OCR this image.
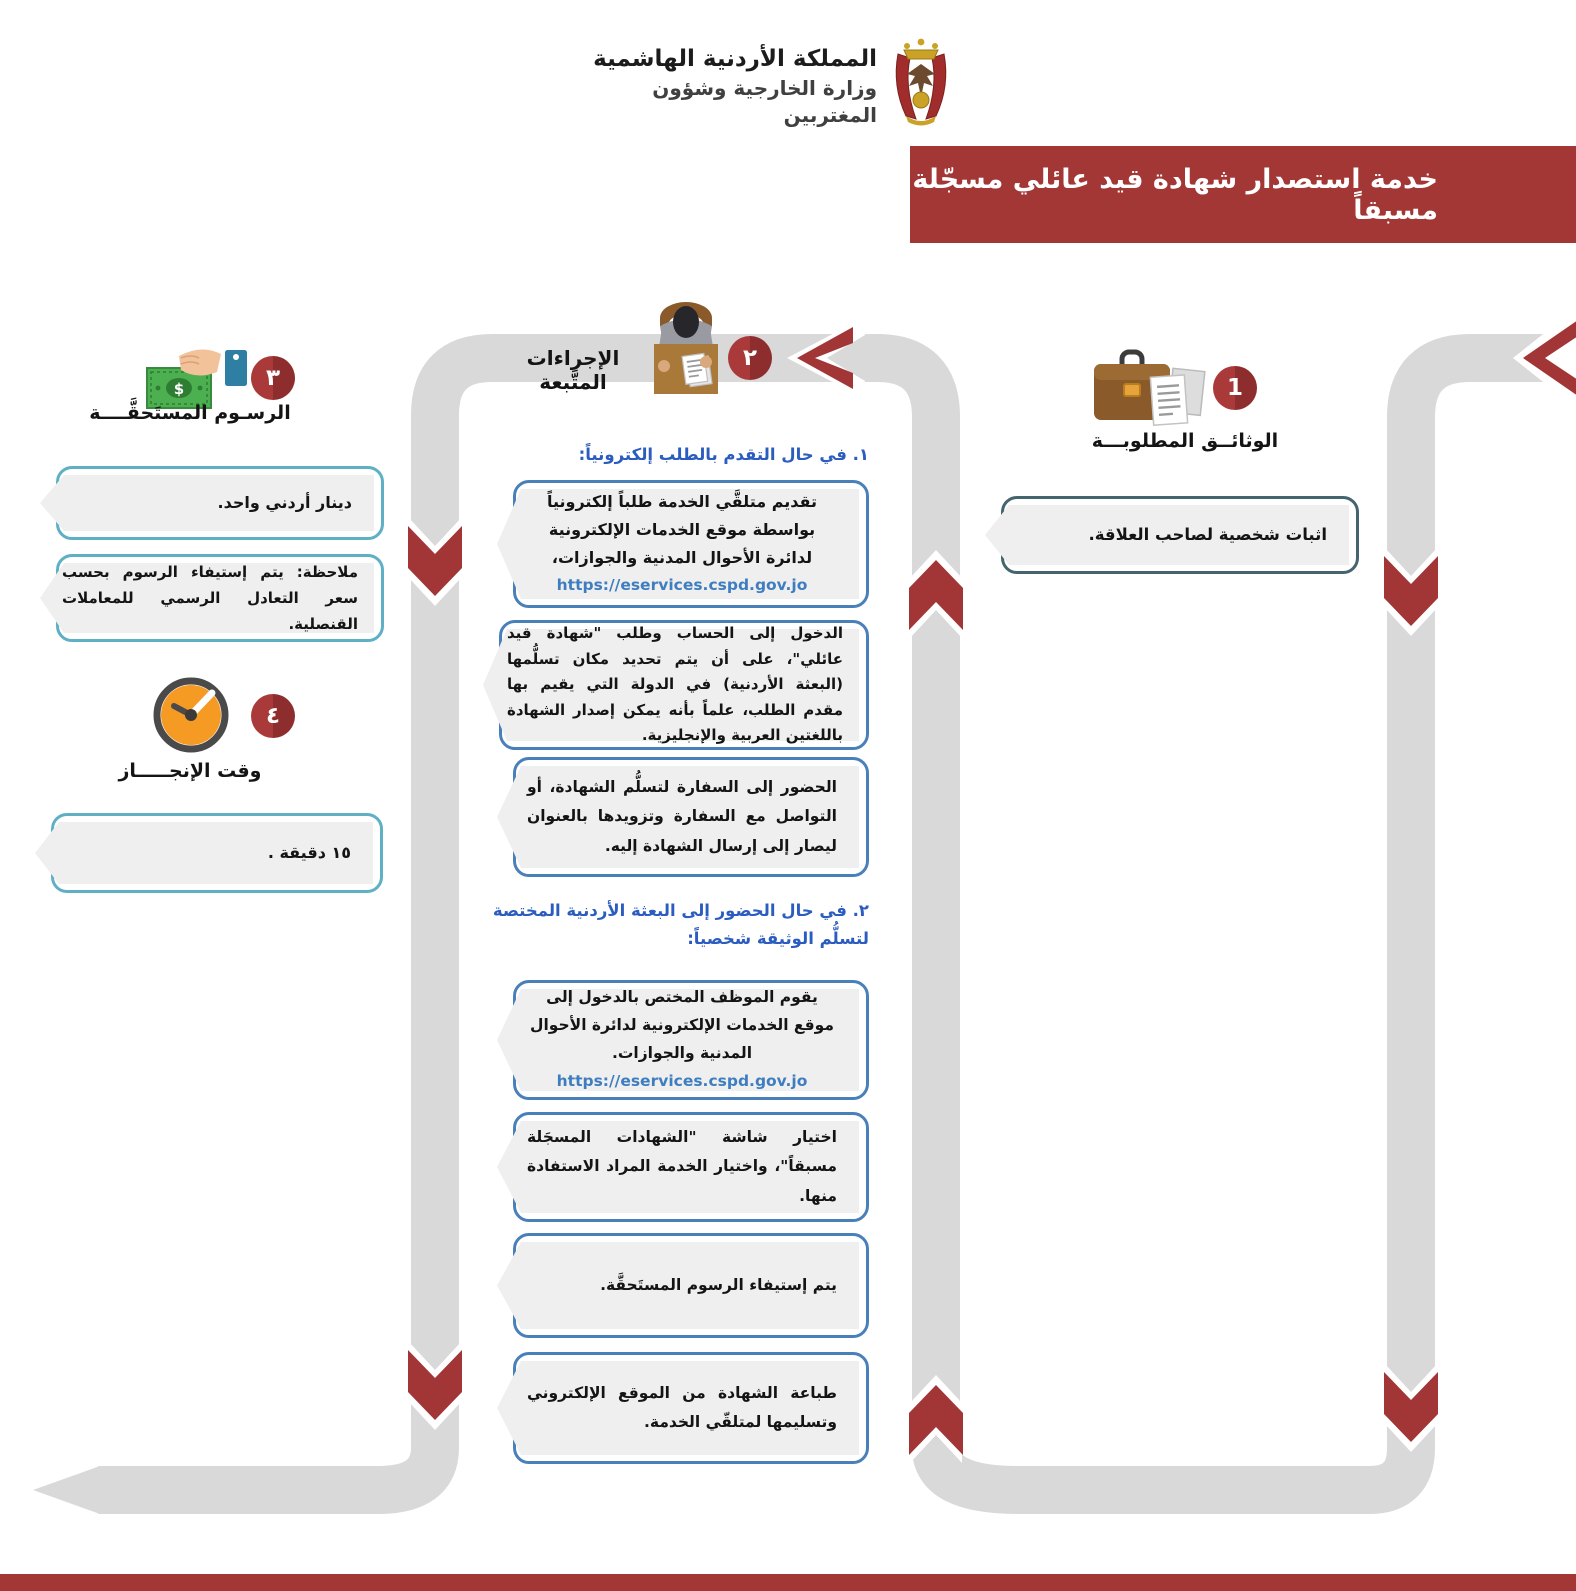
المملكة الأردنية الهاشمية
وزارة الخارجية وشؤون المغتربين
خدمة استصدار شهادة قيد عائلي مسجّلة مسبقاً
1
الوثائــق المطلوبـــة
اثبات شخصية لصاحب العلاقة.
٢
الإجراءات المتَّبعة
١. في حال التقدم بالطلب إلكترونياً:
تقديم متلقَّي الخدمة طلباً إلكترونياً بواسطة موقع الخدمات الإلكترونية لدائرة الأحوال المدنية والجوازات،
https://eservices.cspd.gov.jo
الدخول إلى الحساب وطلب "شهادة قيد عائلي"، على أن يتم تحديد مكان تسلُّمها (البعثة الأردنية) في الدولة التي يقيم بها مقدم الطلب، علماً بأنه يمكن إصدار الشهادة باللغتين العربية والإنجليزية.
الحضور إلى السفارة لتسلُّم الشهادة، أو التواصل مع السفارة وتزويدها بالعنوان ليصار إلى إرسال الشهادة إليه.
٢. في حال الحضور إلى البعثة الأردنية المختصة لتسلُّم الوثيقة شخصياً:
يقوم الموظف المختص بالدخول إلى موقع الخدمات الإلكترونية لدائرة الأحوال المدنية والجوازات.
https://eservices.cspd.gov.jo
اختيار شاشة "الشهادات المسجَلة مسبقاً"، واختيار الخدمة المراد الاستفادة منها.
يتم إستيفاء الرسوم المستَحقَّة.
طباعة الشهادة من الموقع الإلكتروني وتسليمها لمتلقّي الخدمة.
$	٣
الرسـوم المستَحقَّــــة
دينار أردني واحد.
ملاحظة: يتم إستيفاء الرسوم بحسب سعر التعادل الرسمي للمعاملات القنصلية.
٤
وقت الإنجـــــاز
١٥ دقيقة .
